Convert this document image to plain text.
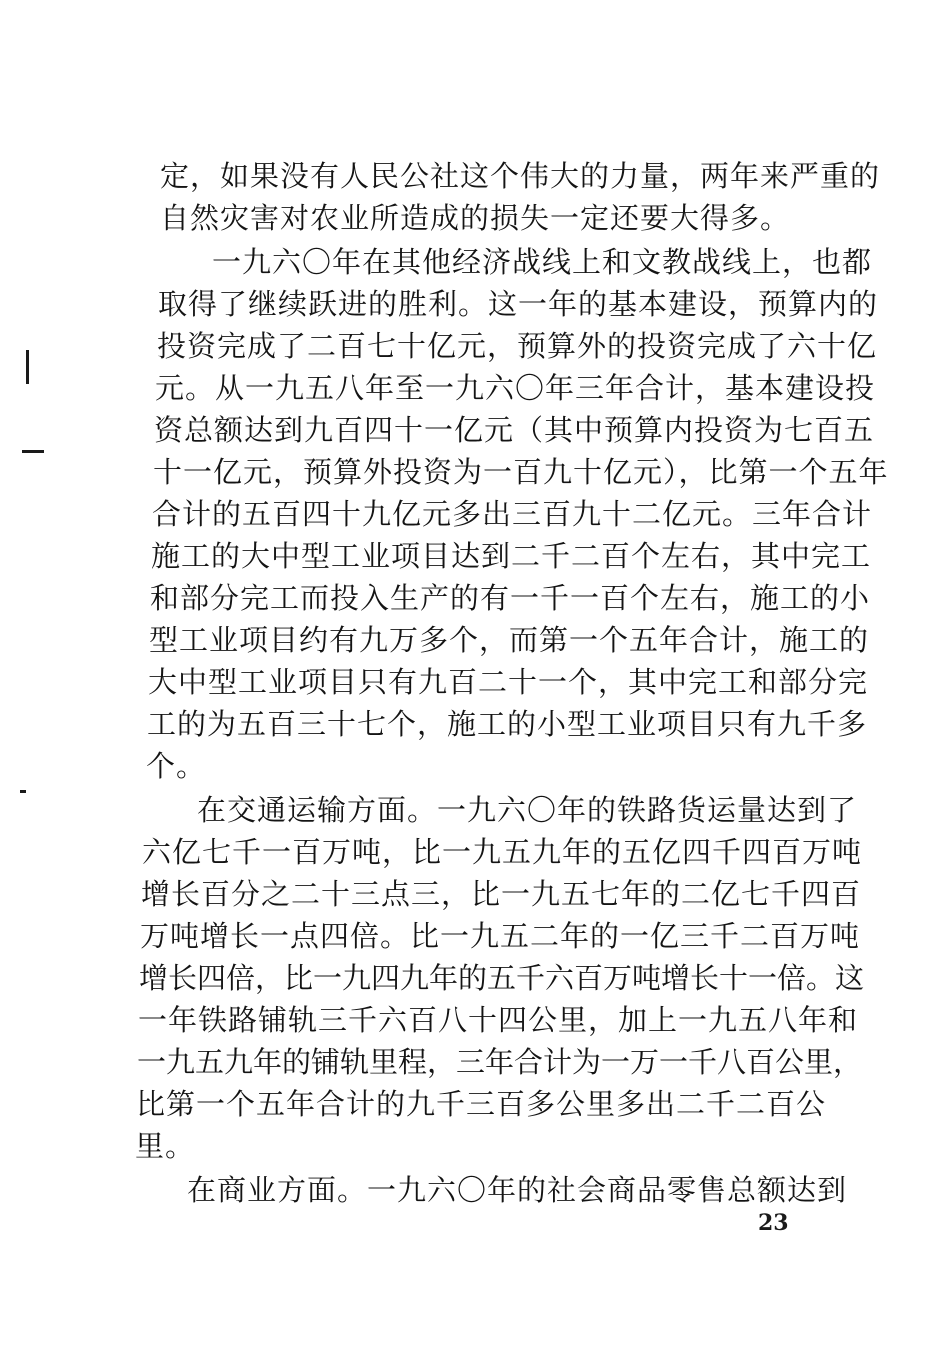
定，如果没有人民公社这个伟大的力量，两年来严重的
自然灾害对农业所造成的损失一定还要大得多。
一九六〇年在其他经济战线上和文教战线上，也都
取得了继续跃进的胜利。这一年的基本建设，预算内的
投资完成了二百七十亿元，预算外的投资完成了六十亿
元。从一九五八年至一九六〇年三年合计，基本建设投
资总额达到九百四十一亿元（其中预算内投资为七百五
十一亿元，预算外投资为一百九十亿元），比第一个五年
合计的五百四十九亿元多出三百九十二亿元。三年合计
施工的大中型工业项目达到二千二百个左右，其中完工
和部分完工而投入生产的有一千一百个左右，施工的小
型工业项目约有九万多个，而第一个五年合计，施工的
大中型工业项目只有九百二十一个，其中完工和部分完
工的为五百三十七个，施工的小型工业项目只有九千多
个。
在交通运输方面。一九六〇年的铁路货运量达到了
六亿七千一百万吨，比一九五九年的五亿四千四百万吨
增长百分之二十三点三，比一九五七年的二亿七千四百
万吨增长一点四倍。比一九五二年的一亿三千二百万吨
增长四倍，比一九四九年的五千六百万吨增长十一倍。这
一年铁路铺轨三千六百八十四公里，加上一九五八年和
一九五九年的铺轨里程，三年合计为一万一千八百公里，
比第一个五年合计的九千三百多公里多出二千二百公
里。
在商业方面。一九六〇年的社会商品零售总额达到
23
